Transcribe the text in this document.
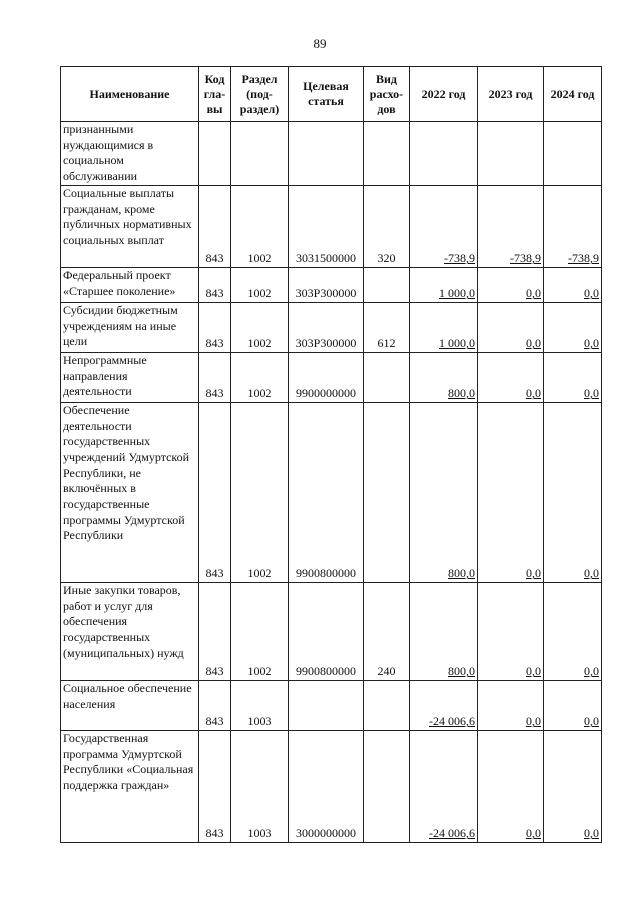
89
Наименование	Код гла-вы	Раздел (под-раздел)	Целевая статья	Вид расхо-дов	2022 год	2023 год	2024 год
признанными нуждающимися в социальном обслуживании							
Социальные выплаты гражданам, кроме публичных нормативных социальных выплат	843	1002	3031500000	320	-738,9	-738,9	-738,9
Федеральный проект «Старшее поколение»	843	1002	303P300000		1 000,0	0,0	0,0
Субсидии бюджетным учреждениям на иные цели	843	1002	303P300000	612	1 000,0	0,0	0,0
Непрограммные направления деятельности	843	1002	9900000000		800,0	0,0	0,0
Обеспечение деятельности государственных учреждений Удмуртской Республики, не включённых в государственные программы Удмуртской Республики	843	1002	9900800000		800,0	0,0	0,0
Иные закупки товаров, работ и услуг для обеспечения государственных (муниципальных) нужд	843	1002	9900800000	240	800,0	0,0	0,0
Социальное обеспечение населения	843	1003			-24 006,6	0,0	0,0
Государственная программа Удмуртской Республики «Социальная поддержка граждан»	843	1003	3000000000		-24 006,6	0,0	0,0
